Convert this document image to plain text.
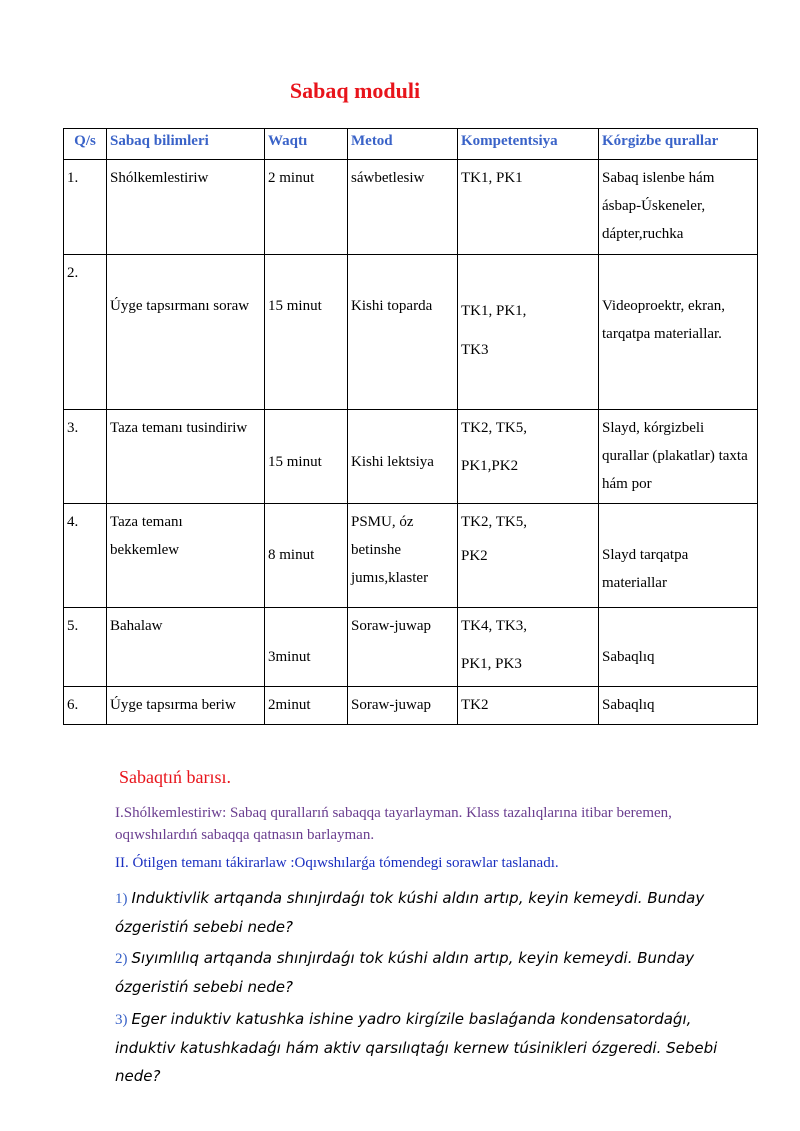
Sabaq moduli
Q/s	Sabaq bilimleri	Waqtı	Metod	Kompetentsiya	Kórgizbe qurallar
1.	Shólkemlestiriw	2 minut	sáwbetlesiw	TK1, PK1	Sabaq islenbe hám ásbap-Úskeneler, dápter,ruchka
2.	Úyge tapsırmanı soraw	15 minut	Kishi toparda	TK1, PK1, TK3	Videoproektr, ekran, tarqatpa materiallar.

3.	Taza temanı tusindiriw	15 minut	Kishi lektsiya	TK2, TK5, PK1,PK2	Slayd, kórgizbeli qurallar (plakatlar) taxta hám por
4.	Taza temanı bekkemlew	8 minut	PSMU, óz betinshe jumıs,klaster	TK2, TK5, PK2	Slayd tarqatpa materiallar

5.	Bahalaw	3minut	Soraw-juwap	TK4, TK3, PK1, PK3	Sabaqlıq

6.	Úyge tapsırma beriw	2minut	Soraw-juwap	TK2	Sabaqlıq
Sabaqtıń barısı.
I.Shólkemlestiriw: Sabaq qurallarıń sabaqqa tayarlayman. Klass tazalıqlarına itibar beremen, oqıwshılardıń sabaqqa qatnasın barlayman.
II. Ótilgen temanı tákirarlaw :Oqıwshılarǵa tómendegi sorawlar taslanadı.
1) Induktivlik artqanda shınjırdaǵı tok kúshi aldın artıp, keyin kemeydi. Bunday ózgeristiń sebebi nede?
2) Sıyımlılıq artqanda shınjırdaǵı tok kúshi aldın artıp, keyin kemeydi. Bunday ózgeristiń sebebi nede?
3) Eger induktiv katushka ishine yadro kirgízile baslaǵanda kondensatordaǵı, induktiv katushkadaǵı hám aktiv qarsılıqtaǵı kernew túsinikleri ózgeredi. Sebebi nede?
